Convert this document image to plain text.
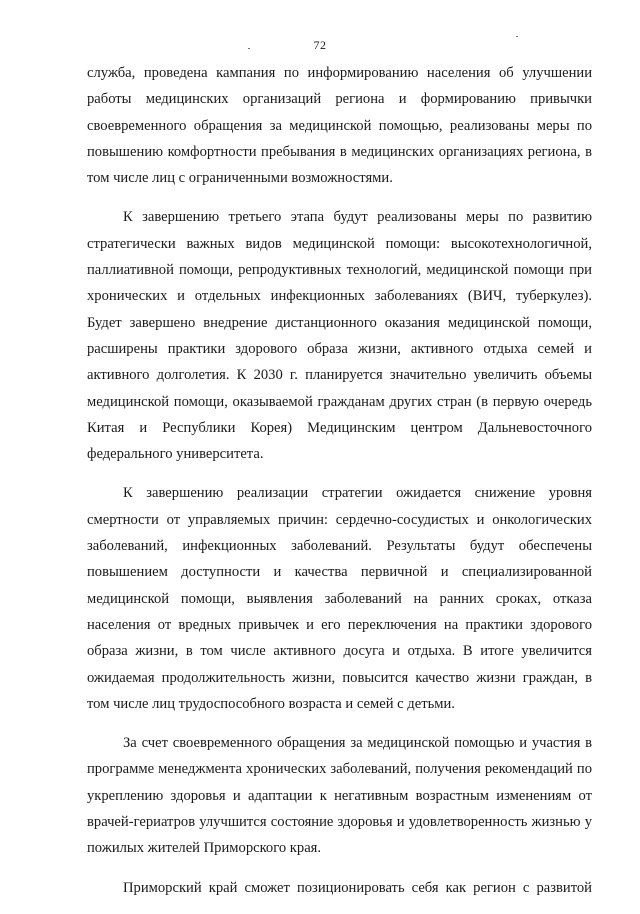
72

служба, проведена кампания по информированию населения об улучшении работы медицинских организаций региона и формированию привычки своевременного обращения за медицинской помощью, реализованы меры по повышению комфортности пребывания в медицинских организациях региона, в том числе лиц с ограниченными возможностями.

К завершению третьего этапа будут реализованы меры по развитию стратегически важных видов медицинской помощи: высокотехнологичной, паллиативной помощи, репродуктивных технологий, медицинской помощи при хронических и отдельных инфекционных заболеваниях (ВИЧ, туберкулез). Будет завершено внедрение дистанционного оказания медицинской помощи, расширены практики здорового образа жизни, активного отдыха семей и активного долголетия. К 2030 г. планируется значительно увеличить объемы медицинской помощи, оказываемой гражданам других стран (в первую очередь Китая и Республики Корея) Медицинским центром Дальневосточного федерального университета.

К завершению реализации стратегии ожидается снижение уровня смертности от управляемых причин: сердечно-сосудистых и онкологических заболеваний, инфекционных заболеваний. Результаты будут обеспечены повышением доступности и качества первичной и специализированной медицинской помощи, выявления заболеваний на ранних сроках, отказа населения от вредных привычек и его переключения на практики здорового образа жизни, в том числе активного досуга и отдыха. В итоге увеличится ожидаемая продолжительность жизни, повысится качество жизни граждан, в том числе лиц трудоспособного возраста и семей с детьми.

За счет своевременного обращения за медицинской помощью и участия в программе менеджмента хронических заболеваний, получения рекомендаций по укреплению здоровья и адаптации к негативным возрастным изменениям от врачей-гериатров улучшится состояние здоровья и удовлетворенность жизнью у пожилых жителей Приморского края.

Приморский край сможет позиционировать себя как регион с развитой
